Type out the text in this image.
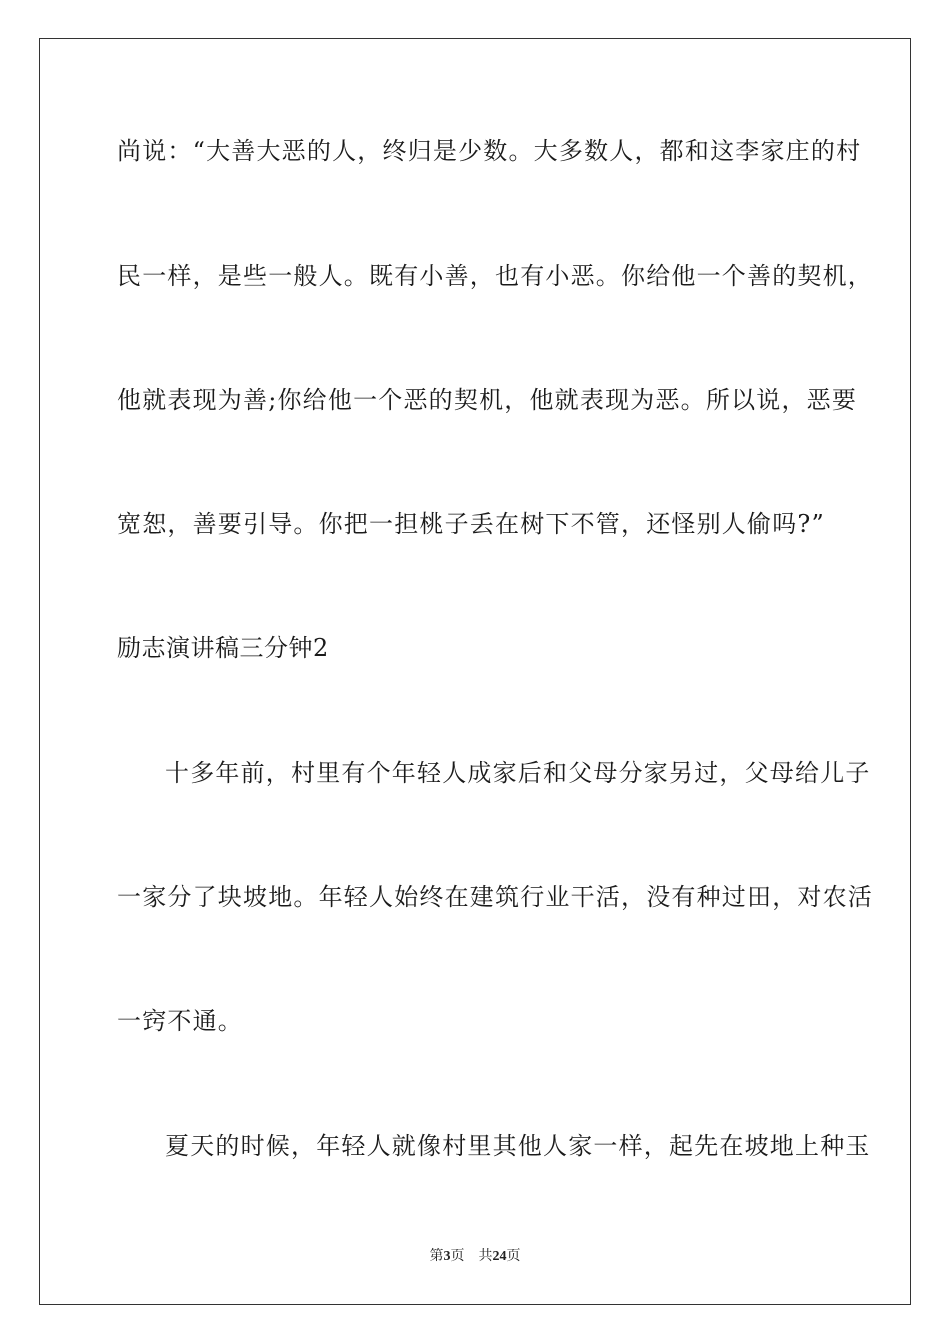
尚说：“大善大恶的人，终归是少数。大多数人，都和这李家庄的村
民一样，是些一般人。既有小善，也有小恶。你给他一个善的契机，
他就表现为善;你给他一个恶的契机，他就表现为恶。所以说，恶要
宽恕，善要引导。你把一担桃子丢在树下不管，还怪别人偷吗?”
励志演讲稿三分钟2
十多年前，村里有个年轻人成家后和父母分家另过，父母给儿子
一家分了块坡地。年轻人始终在建筑行业干活，没有种过田，对农活
一窍不通。
夏天的时候，年轻人就像村里其他人家一样，起先在坡地上种玉
第3页 共24页
